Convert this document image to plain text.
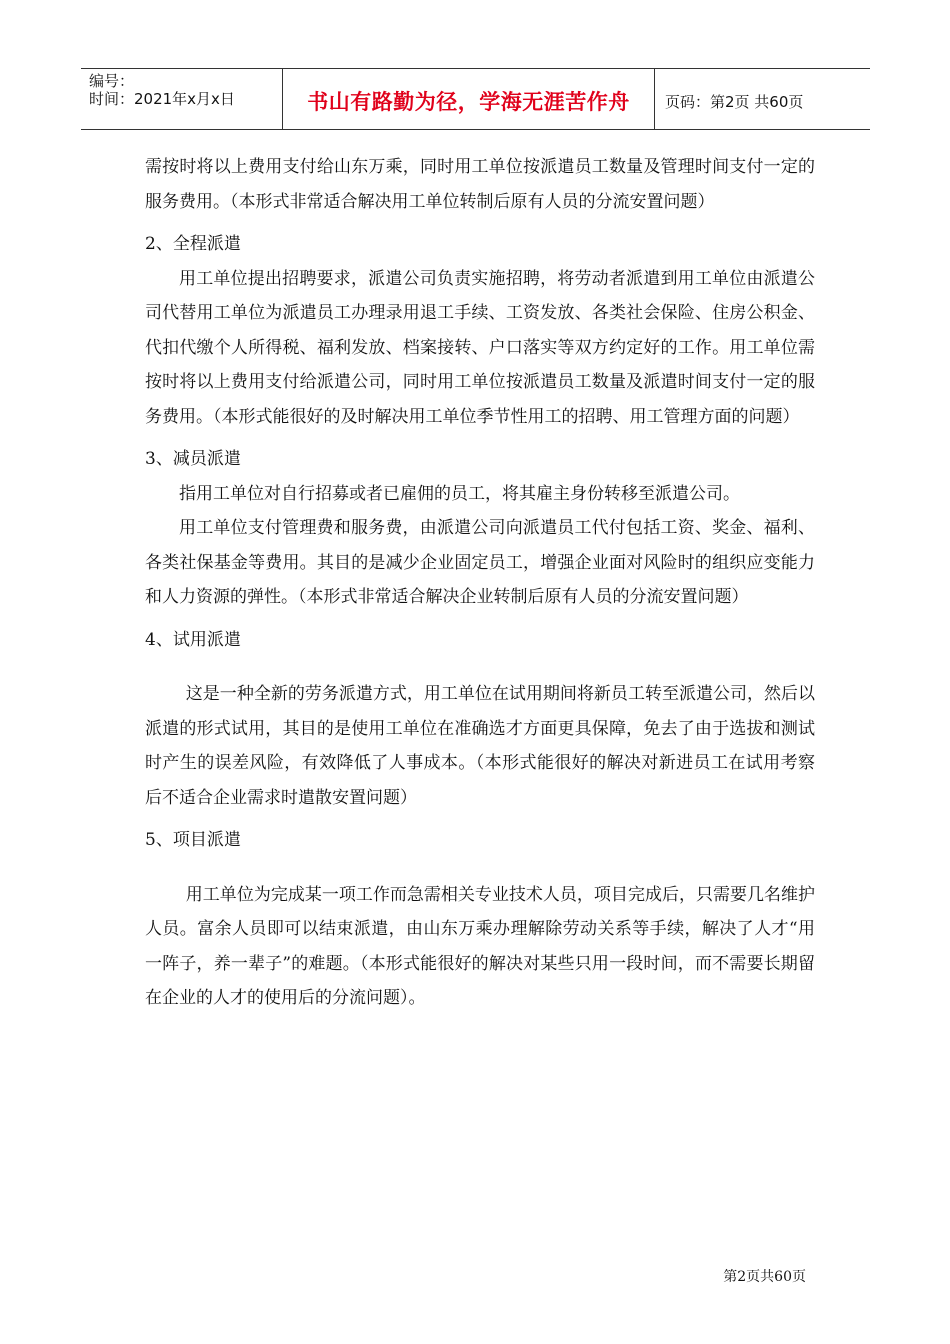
编号：
时间：2021年x月x日	书山有路勤为径，学海无涯苦作舟 页码：第2页 共60页

需按时将以上费用支付给山东万乘，同时用工单位按派遣员工数量及管理时间支付一定的服务费用。（本形式非常适合解决用工单位转制后原有人员的分流安置问题）

2、全程派遣

用工单位提出招聘要求，派遣公司负责实施招聘，将劳动者派遣到用工单位由派遣公司代替用工单位为派遣员工办理录用退工手续、工资发放、各类社会保险、住房公积金、代扣代缴个人所得税、福利发放、档案接转、户口落实等双方约定好的工作。用工单位需按时将以上费用支付给派遣公司，同时用工单位按派遣员工数量及派遣时间支付一定的服务费用。（本形式能很好的及时解决用工单位季节性用工的招聘、用工管理方面的问题）

3、减员派遣

指用工单位对自行招募或者已雇佣的员工，将其雇主身份转移至派遣公司。

用工单位支付管理费和服务费，由派遣公司向派遣员工代付包括工资、奖金、福利、各类社保基金等费用。其目的是减少企业固定员工，增强企业面对风险时的组织应变能力和人力资源的弹性。（本形式非常适合解决企业转制后原有人员的分流安置问题）

4、试用派遣

这是一种全新的劳务派遣方式，用工单位在试用期间将新员工转至派遣公司，然后以派遣的形式试用，其目的是使用工单位在准确选才方面更具保障，免去了由于选拔和测试时产生的误差风险，有效降低了人事成本。（本形式能很好的解决对新进员工在试用考察后不适合企业需求时遣散安置问题）

5、项目派遣

用工单位为完成某一项工作而急需相关专业技术人员，项目完成后，只需要几名维护人员。富余人员即可以结束派遣，由山东万乘办理解除劳动关系等手续，解决了人才“用一阵子，养一辈子”的难题。（本形式能很好的解决对某些只用一段时间，而不需要长期留在企业的人才的使用后的分流问题）。

第2页共60页
